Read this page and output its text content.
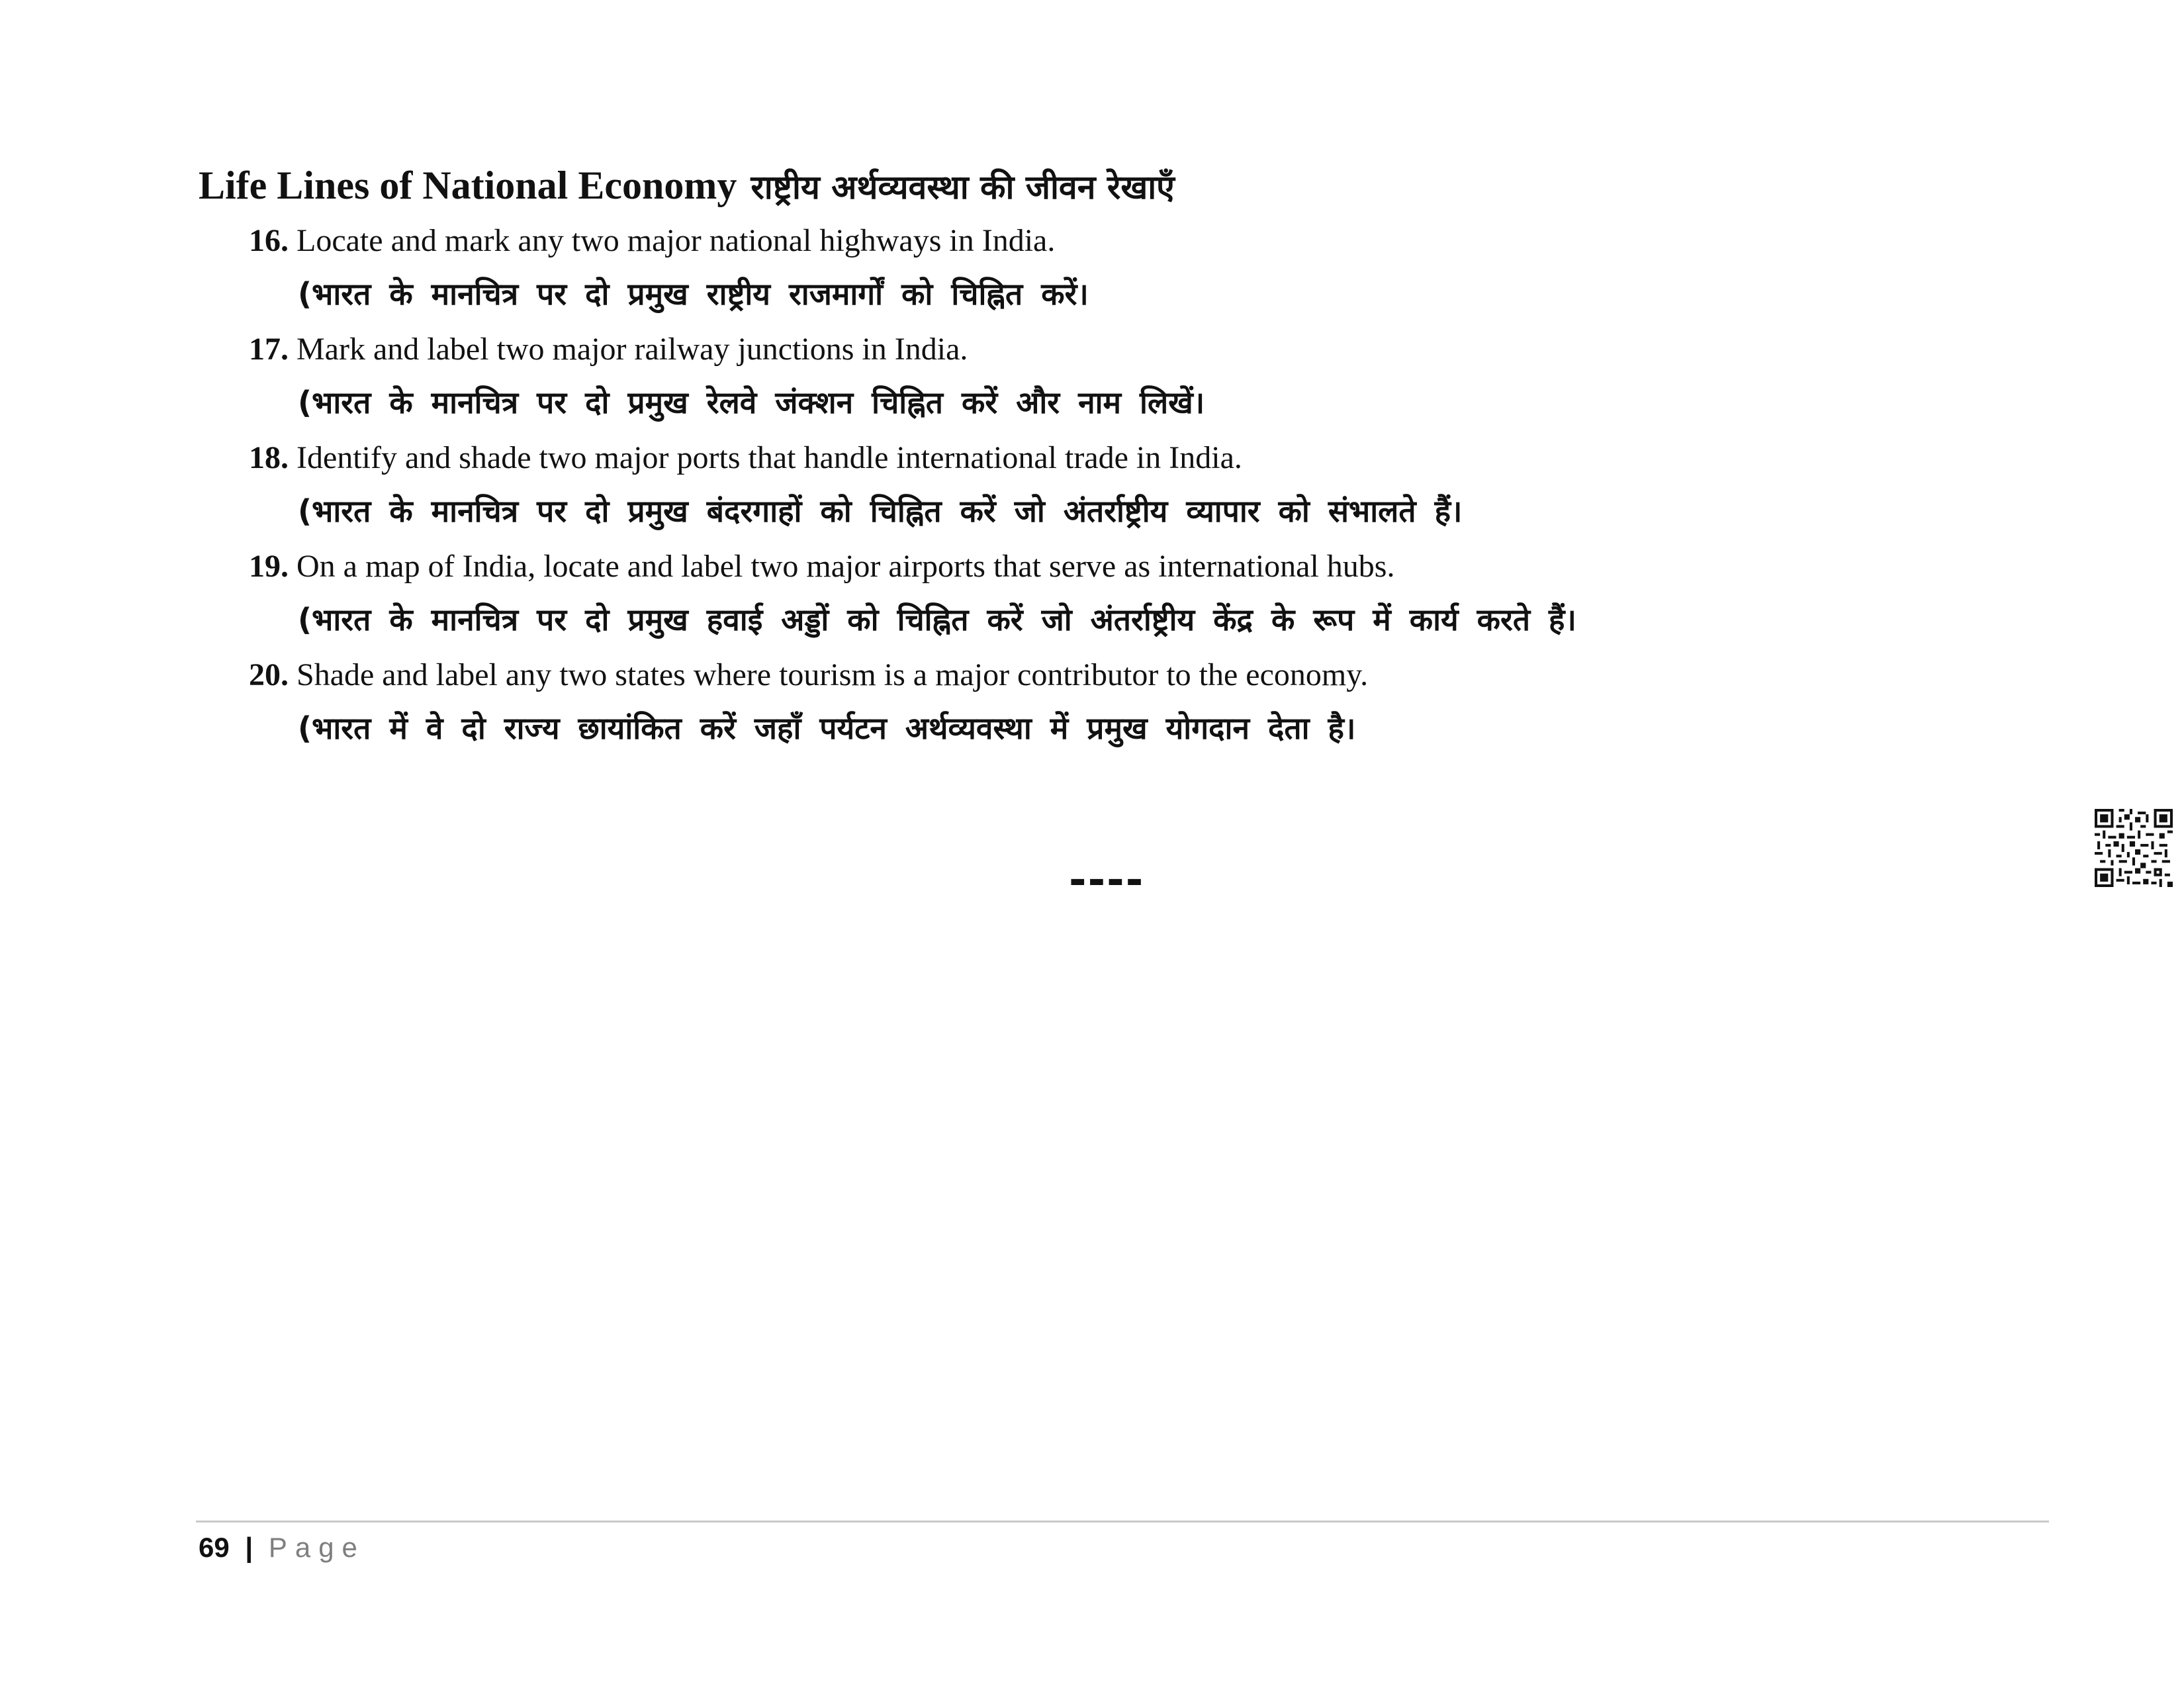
Life Lines of National Economy राष्ट्रीय अर्थव्यवस्था की जीवन रेखाएँ
16. Locate and mark any two major national highways in India.
(भारत के मानचित्र पर दो प्रमुख राष्ट्रीय राजमार्गों को चिह्नित करें।
17. Mark and label two major railway junctions in India.
(भारत के मानचित्र पर दो प्रमुख रेलवे जंक्शन चिह्नित करें और नाम लिखें।
18. Identify and shade two major ports that handle international trade in India.
(भारत के मानचित्र पर दो प्रमुख बंदरगाहों को चिह्नित करें जो अंतर्राष्ट्रीय व्यापार को संभालते हैं।
19. On a map of India, locate and label two major airports that serve as international hubs.
(भारत के मानचित्र पर दो प्रमुख हवाई अड्डों को चिह्नित करें जो अंतर्राष्ट्रीय केंद्र के रूप में कार्य करते हैं।
20. Shade and label any two states where tourism is a major contributor to the economy.
(भारत में वे दो राज्य छायांकित करें जहाँ पर्यटन अर्थव्यवस्था में प्रमुख योगदान देता है।
----
69 | Page
